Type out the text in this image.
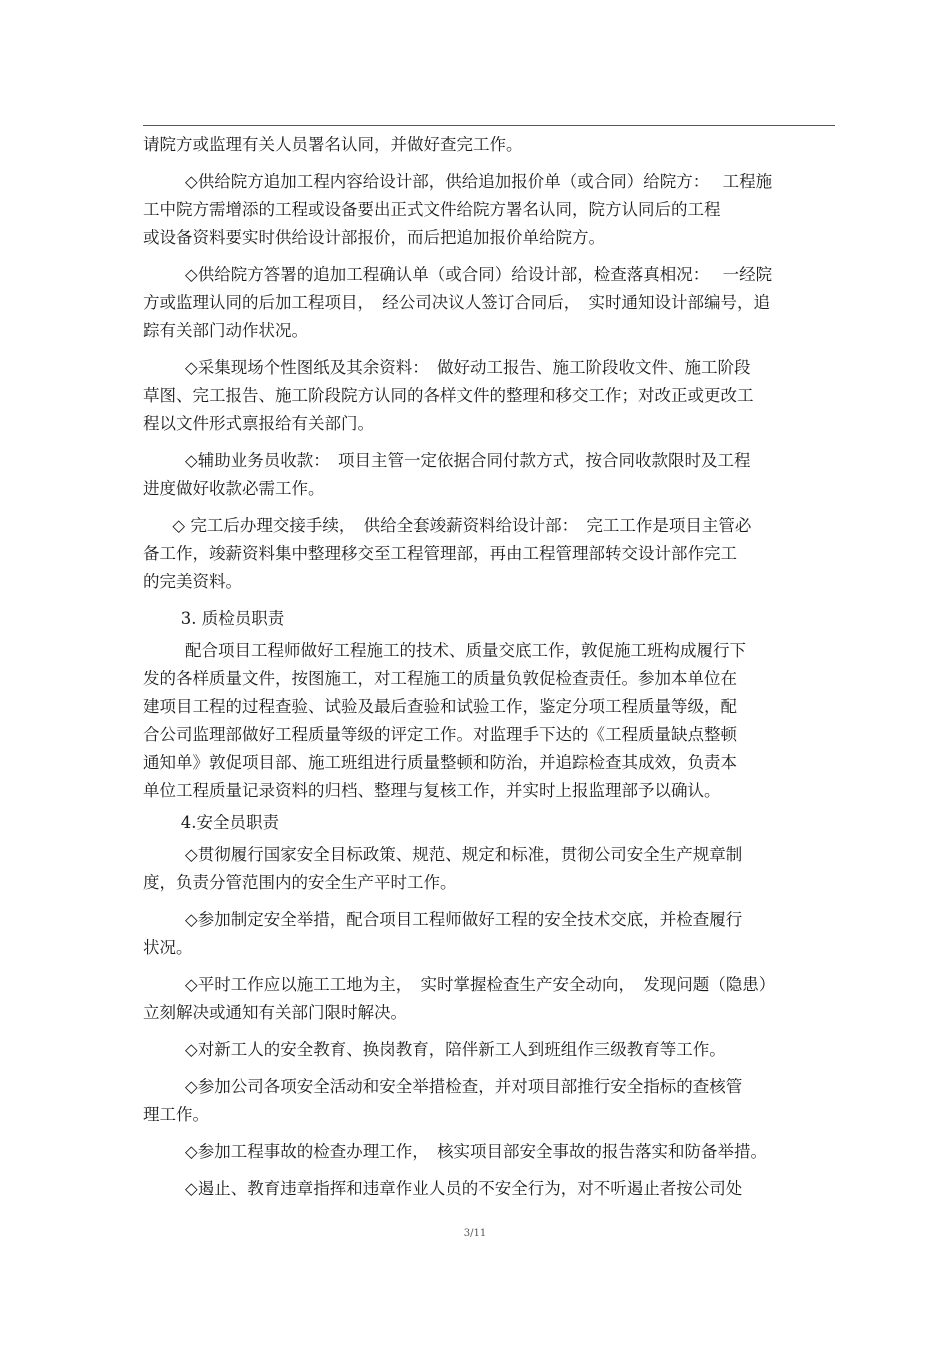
请院方或监理有关人员署名认同，并做好查完工作。
◇供给院方追加工程内容给设计部，供给追加报价单（或合同）给院方：　 工程施
工中院方需增添的工程或设备要出正式文件给院方署名认同，院方认同后的工程
或设备资料要实时供给设计部报价，而后把追加报价单给院方。
◇供给院方答署的追加工程确认单（或合同）给设计部，检查落真相况：　 一经院
方或监理认同的后加工程项目，　经公司决议人签订合同后，　实时通知设计部编号，追
踪有关部门动作状况。
◇采集现场个性图纸及其余资料：　做好动工报告、施工阶段收文件、施工阶段
草图、完工报告、施工阶段院方认同的各样文件的整理和移交工作；对改正或更改工
程以文件形式禀报给有关部门。
◇辅助业务员收款：　项目主管一定依据合同付款方式，按合同收款限时及工程
进度做好收款必需工作。
◇ 完工后办理交接手续，　供给全套竣薪资料给设计部：　完工工作是项目主管必
备工作，竣薪资料集中整理移交至工程管理部，再由工程管理部转交设计部作完工
的完美资料。
3. 质检员职责
配合项目工程师做好工程施工的技术、质量交底工作，敦促施工班构成履行下
发的各样质量文件，按图施工，对工程施工的质量负敦促检查责任。参加本单位在
建项目工程的过程查验、试验及最后查验和试验工作，鉴定分项工程质量等级，配
合公司监理部做好工程质量等级的评定工作。对监理手下达的《工程质量缺点整顿
通知单》敦促项目部、施工班组进行质量整顿和防治，并追踪检查其成效，负责本
单位工程质量记录资料的归档、整理与复核工作，并实时上报监理部予以确认。
4.安全员职责
◇贯彻履行国家安全目标政策、规范、规定和标准，贯彻公司安全生产规章制
度，负责分管范围内的安全生产平时工作。
◇参加制定安全举措，配合项目工程师做好工程的安全技术交底，并检查履行
状况。
◇平时工作应以施工工地为主，　实时掌握检查生产安全动向，　发现问题（隐患）
立刻解决或通知有关部门限时解决。
◇对新工人的安全教育、换岗教育，陪伴新工人到班组作三级教育等工作。
◇参加公司各项安全活动和安全举措检查，并对项目部推行安全指标的查核管
理工作。
◇参加工程事故的检查办理工作，　核实项目部安全事故的报告落实和防备举措。
◇遏止、教育违章指挥和违章作业人员的不安全行为，对不听遏止者按公司处
3/11
